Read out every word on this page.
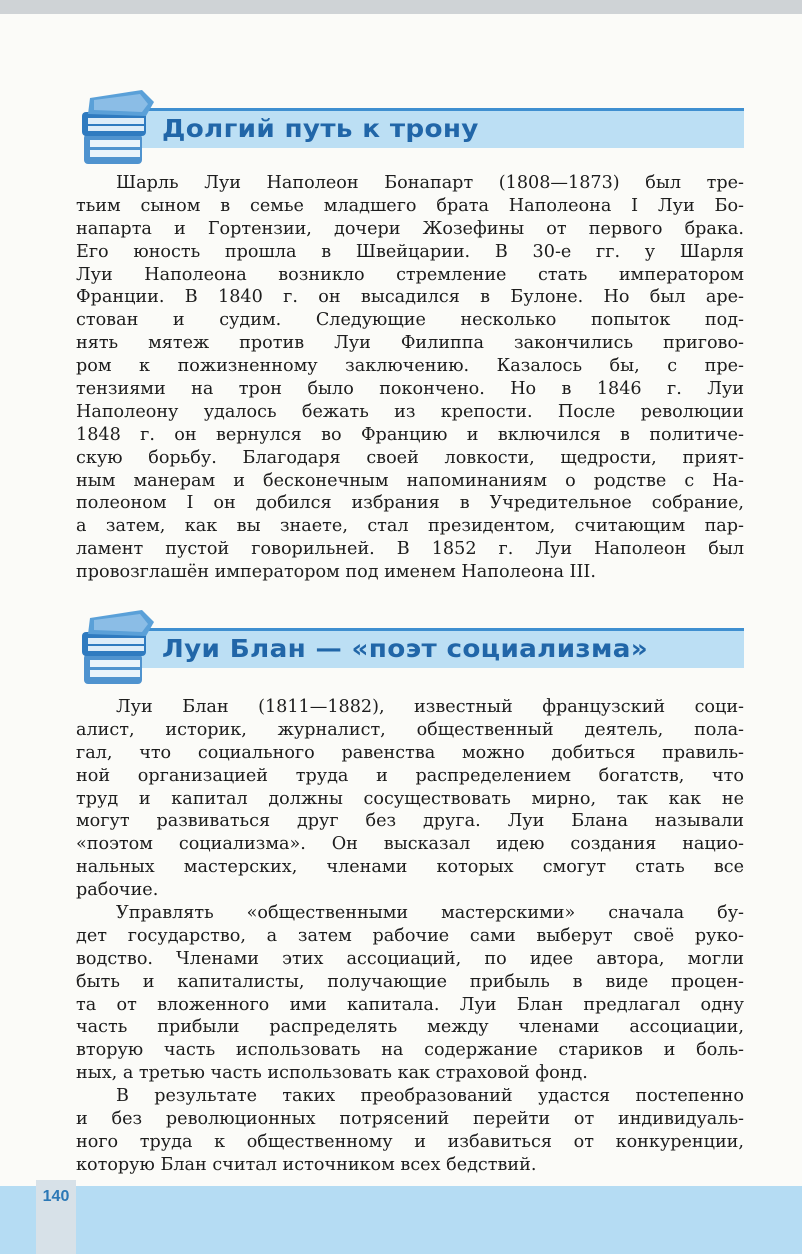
Долгий путь к трону
Шарль Луи Наполеон Бонапарт (1808—1873) был тре-
тьим сыном в семье младшего брата Наполеона I Луи Бо-
напарта и Гортензии, дочери Жозефины от первого брака.
Его юность прошла в Швейцарии. В 30-е гг. у Шарля
Луи Наполеона возникло стремление стать императором
Франции. В 1840 г. он высадился в Булоне. Но был аре-
стован и судим. Следующие несколько попыток под-
нять мятеж против Луи Филиппа закончились пригово-
ром к пожизненному заключению. Казалось бы, с пре-
тензиями на трон было покончено. Но в 1846 г. Луи
Наполеону удалось бежать из крепости. После революции
1848 г. он вернулся во Францию и включился в политиче-
скую борьбу. Благодаря своей ловкости, щедрости, прият-
ным манерам и бесконечным напоминаниям о родстве с На-
полеоном I он добился избрания в Учредительное собрание,
а затем, как вы знаете, стал президентом, считающим пар-
ламент пустой говорильней. В 1852 г. Луи Наполеон был
провозглашён императором под именем Наполеона III.
Луи Блан — «поэт социализма»
Луи Блан (1811—1882), известный французский соци-
алист, историк, журналист, общественный деятель, пола-
гал, что социального равенства можно добиться правиль-
ной организацией труда и распределением богатств, что
труд и капитал должны сосуществовать мирно, так как не
могут развиваться друг без друга. Луи Блана называли
«поэтом социализма». Он высказал идею создания нацио-
нальных мастерских, членами которых смогут стать все
рабочие.
Управлять «общественными мастерскими» сначала бу-
дет государство, а затем рабочие сами выберут своё руко-
водство. Членами этих ассоциаций, по идее автора, могли
быть и капиталисты, получающие прибыль в виде процен-
та от вложенного ими капитала. Луи Блан предлагал одну
часть прибыли распределять между членами ассоциации,
вторую часть использовать на содержание стариков и боль-
ных, а третью часть использовать как страховой фонд.
В результате таких преобразований удастся постепенно
и без революционных потрясений перейти от индивидуаль-
ного труда к общественному и избавиться от конкуренции,
которую Блан считал источником всех бедствий.
140
